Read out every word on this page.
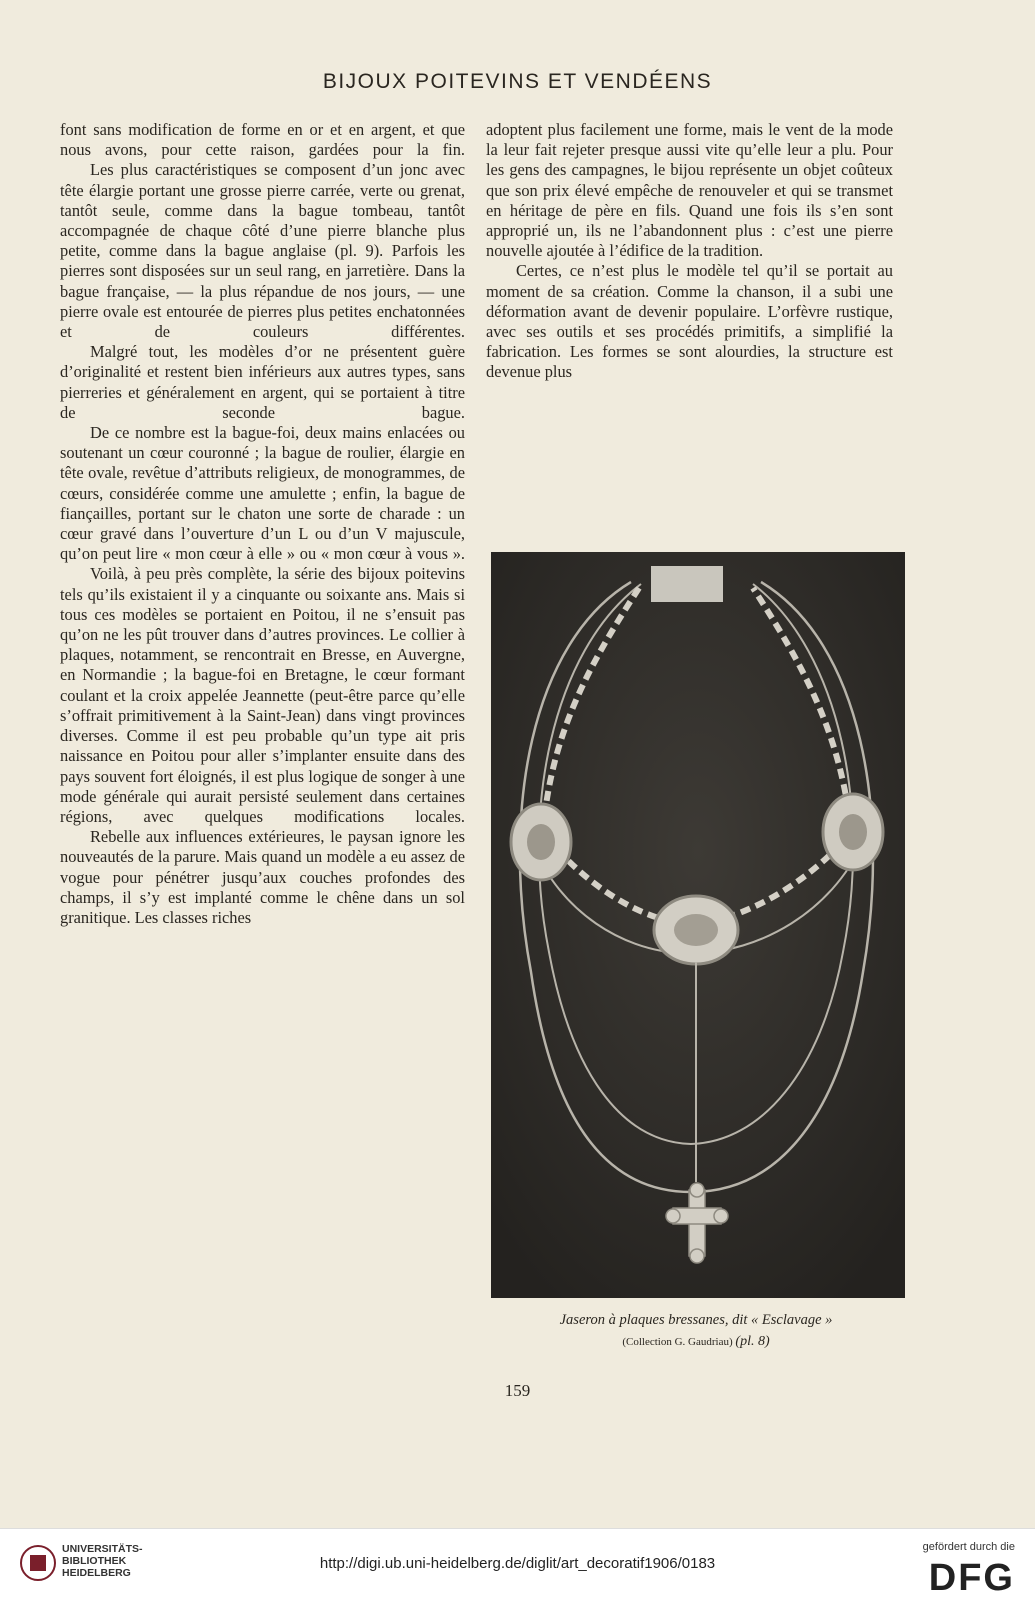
BIJOUX POITEVINS ET VENDÉENS

font sans modification de forme en or et en argent, et que nous avons, pour cette raison, gardées pour la fin.

Les plus caractéristiques se composent d’un jonc avec tête élargie portant une grosse pierre carrée, verte ou grenat, tantôt seule, comme dans la bague tombeau, tantôt accompagnée de chaque côté d’une pierre blanche plus petite, comme dans la bague anglaise (pl. 9). Parfois les pierres sont disposées sur un seul rang, en jarretière. Dans la bague française, — la plus répandue de nos jours, — une pierre ovale est entourée de pierres plus petites enchatonnées et de couleurs différentes.

Malgré tout, les modèles d’or ne présentent guère d’originalité et restent bien inférieurs aux autres types, sans pierreries et généralement en argent, qui se portaient à titre de seconde bague.

De ce nombre est la bague-foi, deux mains enlacées ou soutenant un cœur couronné ; la bague de roulier, élargie en tête ovale, revêtue d’attributs religieux, de monogrammes, de cœurs, considérée comme une amulette ; enfin, la bague de fiançailles, portant sur le chaton une sorte de charade : un cœur gravé dans l’ouverture d’un L ou d’un V majuscule, qu’on peut lire « mon cœur à elle » ou « mon cœur à vous ».

Voilà, à peu près complète, la série des bijoux poitevins tels qu’ils existaient il y a cinquante ou soixante ans. Mais si tous ces modèles se portaient en Poitou, il ne s’ensuit pas qu’on ne les pût trouver dans d’autres provinces. Le collier à plaques, notamment, se rencontrait en Bresse, en Auvergne, en Normandie ; la bague-foi en Bretagne, le cœur formant coulant et la croix appelée Jeannette (peut-être parce qu’elle s’offrait primitivement à la Saint-Jean) dans vingt provinces diverses. Comme il est peu probable qu’un type ait pris naissance en Poitou pour aller s’implanter ensuite dans des pays souvent fort éloignés, il est plus logique de songer à une mode générale qui aurait persisté seulement dans certaines régions, avec quelques modifications locales.

Rebelle aux influences extérieures, le paysan ignore les nouveautés de la parure. Mais quand un modèle a eu assez de vogue pour pénétrer jusqu’aux couches profondes des champs, il s’y est implanté comme le chêne dans un sol granitique. Les classes riches

adoptent plus facilement une forme, mais le vent de la mode la leur fait rejeter presque aussi vite qu’elle leur a plu. Pour les gens des campagnes, le bijou représente un objet coûteux que son prix élevé empêche de renouveler et qui se transmet en héritage de père en fils. Quand une fois ils s’en sont approprié un, ils ne l’abandonnent plus : c’est une pierre nouvelle ajoutée à l’édifice de la tradition.

Certes, ce n’est plus le modèle tel qu’il se portait au moment de sa création. Comme la chanson, il a subi une déformation avant de devenir populaire. L’orfèvre rustique, avec ses outils et ses procédés primitifs, a simplifié la fabrication. Les formes se sont alourdies, la structure est devenue plus

Jaseron à plaques bressanes, dit « Esclavage »
(Collection G. Gaudriau) (pl. 8)
159
UNIVERSITÄTS-
BIBLIOTHEK
HEIDELBERG
http://digi.ub.uni-heidelberg.de/diglit/art_decoratif1906/0183
gefördert durch die
DFG
